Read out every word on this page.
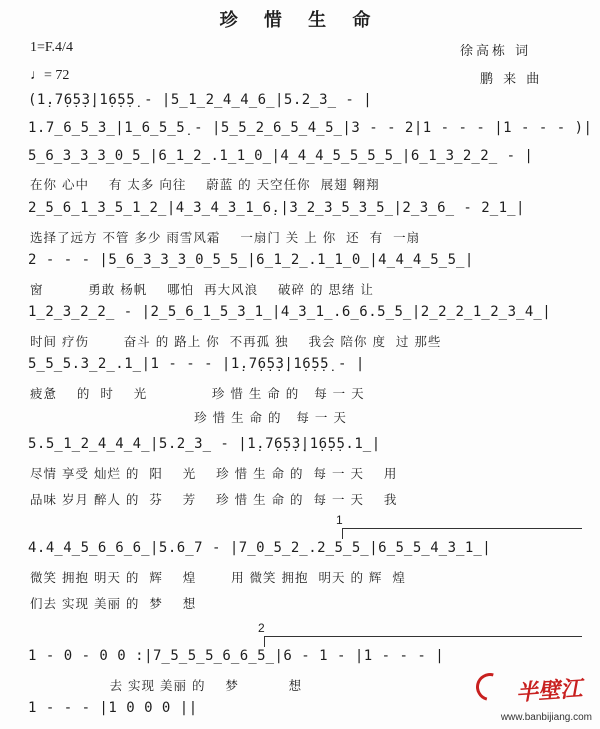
珍 惜 生 命
1=F.4/4
♩= 72
徐高栋 词
鹏 来 曲
(1̣.7̣6̣5̣3̣|1̣6̣5̣5̣ - |5̲1̲2̲4̲4̲6̲|5.2̲3̲ - |
1.7̲6̲5̲3̲|1̲6̲5̲5̣ - |5̲5̲2̲6̲5̲4̲5̲|3 - - 2|1 - - - |1 - - - )|
5̲6̲3̲3̲3̲0̲5̲|6̲1̲2̲.1̲1̲0̲|4̲4̲4̲5̲5̲5̲5̲|6̲1̲3̲2̲2̲ - |
在你 心中    有 太多 向往    蔚蓝 的 天空任你  展翅 翱翔
2̲5̲6̲1̲3̲5̲1̲2̲|4̲3̲4̲3̲1̲6̣.|3̲2̲3̲5̲3̲5̲|2̲3̲6̲ - 2̲1̲|
选择了远方 不管 多少 雨雪风霜    一扇门 关 上 你  还  有  一扇
2 - - - |5̲6̲3̲3̲3̲0̲5̲5̲|6̲1̲2̲.1̲1̲0̲|4̲4̲4̲5̲5̲|
窗         勇敢 杨帆    哪怕  再大风浪    破碎 的 思绪 让
1̲2̲3̲2̲2̲ - |2̲5̲6̲1̲5̲3̲1̲|4̲3̲1̲.6̲6.5̲5̲|2̲2̲2̲1̲2̲3̲4̲|
时间 疗伤       奋斗 的 路上 你  不再孤 独    我会 陪你 度  过 那些
5̲5̲5.3̲2̲.1̲|1 - - - |1̣.7̣6̣5̣3̣|1̣6̣5̣5̣ - |
疲惫    的  时    光             珍 惜 生 命 的   每 一 天
珍 惜 生 命 的   每 一 天
5.5̲1̲2̲4̲4̲4̲|5.2̲3̲ - |1̣.7̣6̣5̣3̣|1̣6̣5̣5.1̲|
尽情 享受 灿烂 的  阳    光    珍 惜 生 命 的  每 一 天    用
品味 岁月 醉人 的  芬    芳    珍 惜 生 命 的  每 一 天    我

1

4.4̲4̲5̲6̲6̲6̲|5.6̲7 - |7̲0̲5̲2̲.2̲5̲5̲|6̲5̲5̲4̲3̲1̲|
微笑 拥抱 明天 的  辉    煌       用 微笑 拥抱  明天 的 辉  煌
们去 实现 美丽 的  梦    想

2

1 - 0 - 0 0 :|7̲5̲5̲5̲6̲6̲5̲|6 - 1 - |1 - - - |
去 实现 美丽 的    梦          想
1 - - - |1 0 0 0 ||
半壁江
www.banbijiang.com
